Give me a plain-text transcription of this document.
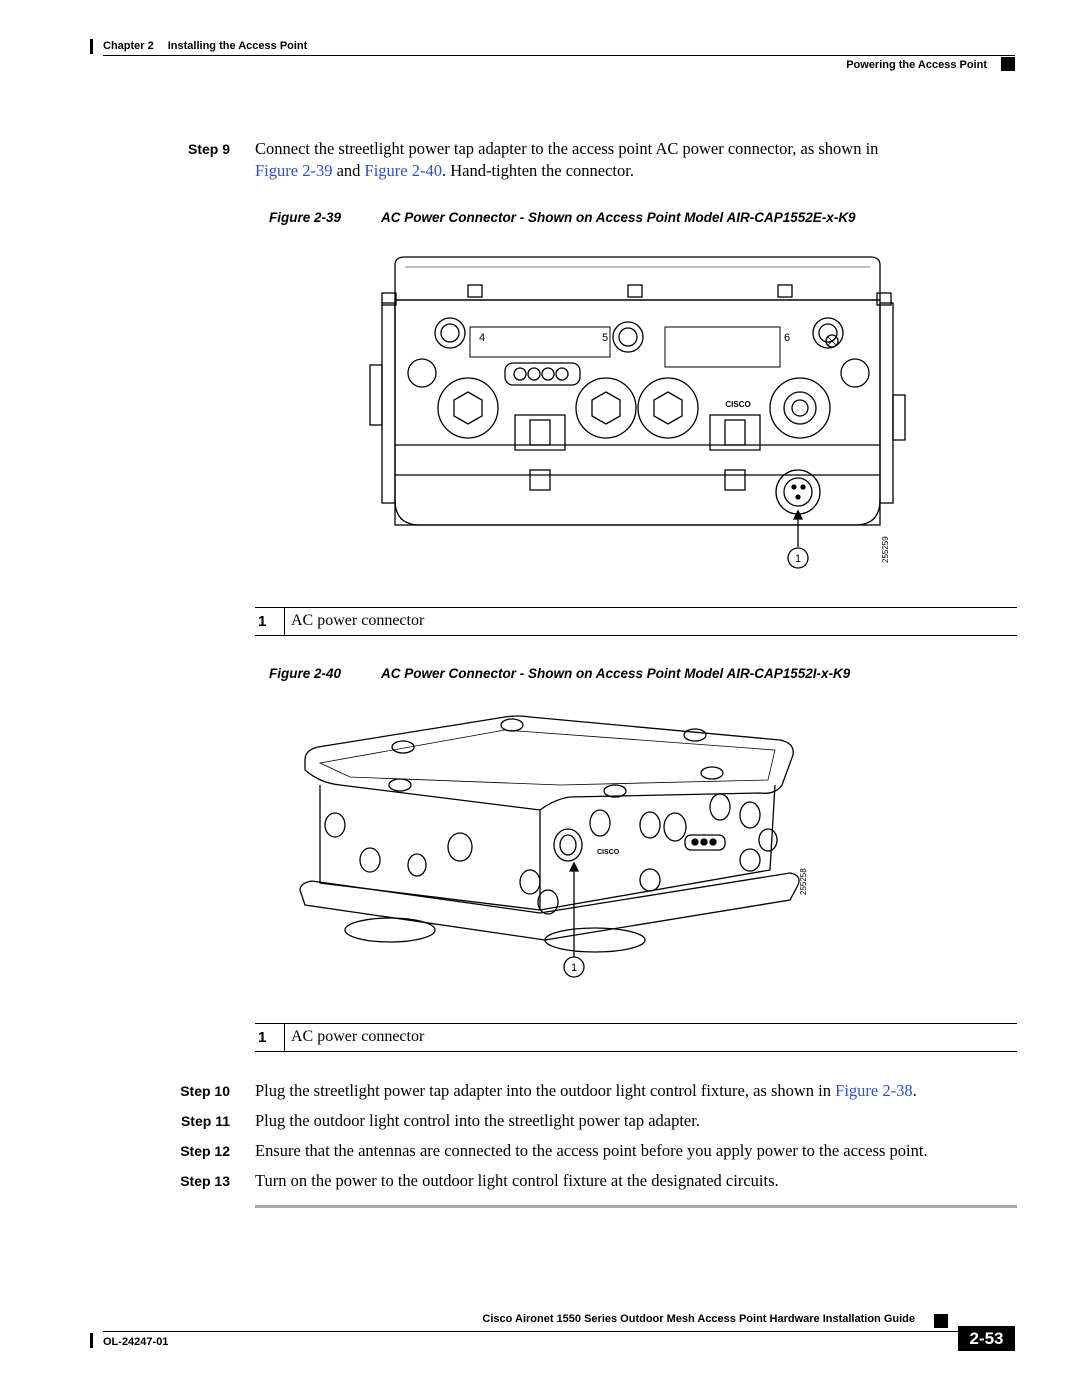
Chapter 2 Installing the Access Point
Powering the Access Point
Step 9 Connect the streetlight power tap adapter to the access point AC power connector, as shown in
Figure 2-39 and Figure 2-40. Hand-tighten the connector.
Figure 2-39	AC Power Connector - Shown on Access Point Model AIR-CAP1552E-x-K9
4	5	6
CISCO
1	255259
1 AC power connector
Figure 2-40	AC Power Connector - Shown on Access Point Model AIR-CAP1552I-x-K9
CISCO
1
255258
1 AC power connector
Step 10 Plug the streetlight power tap adapter into the outdoor light control fixture, as shown in Figure 2-38.
Step 11 Plug the outdoor light control into the streetlight power tap adapter.
Step 12 Ensure that the antennas are connected to the access point before you apply power to the access point.
Step 13 Turn on the power to the outdoor light control fixture at the designated circuits.
Cisco Aironet 1550 Series Outdoor Mesh Access Point Hardware Installation Guide
OL-24247-01	2-53
